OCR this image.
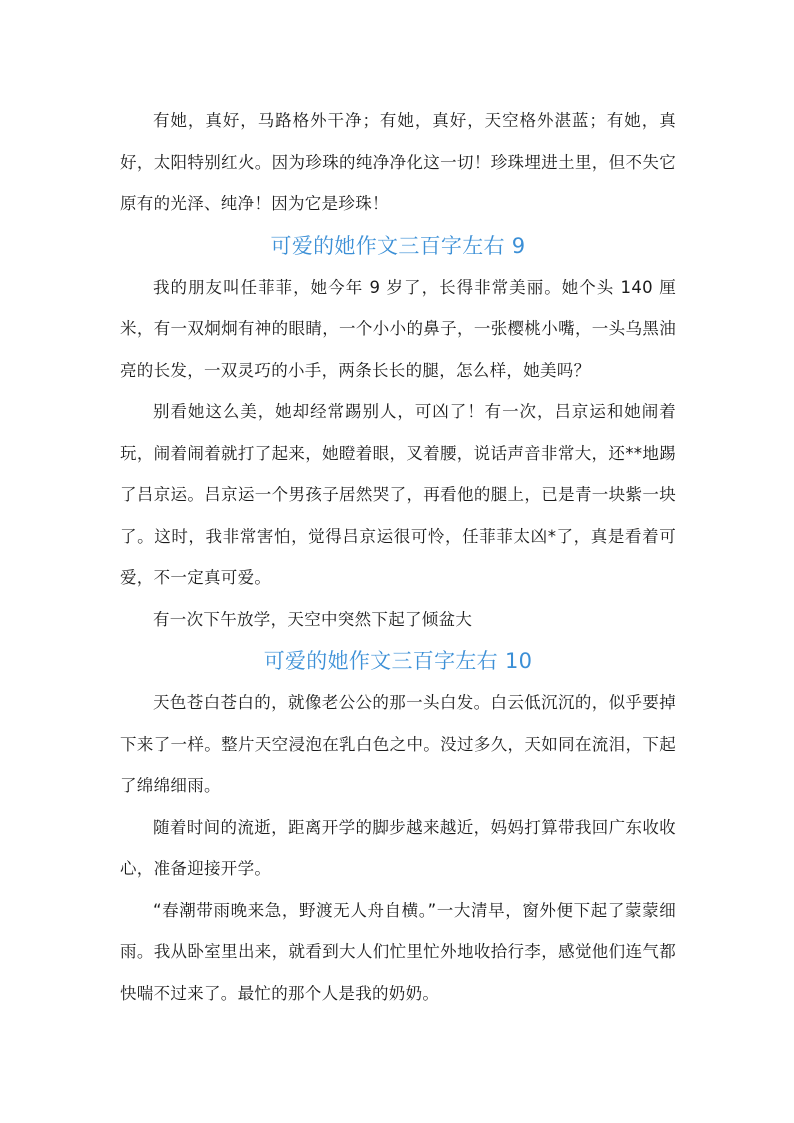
有她，真好，马路格外干净；有她，真好，天空格外湛蓝；有她，真好，太阳特别红火。因为珍珠的纯净净化这一切！珍珠埋进土里，但不失它原有的光泽、纯净！因为它是珍珠！

可爱的她作文三百字左右 9

我的朋友叫任菲菲，她今年 9 岁了，长得非常美丽。她个头 140 厘米，有一双炯炯有神的眼睛，一个小小的鼻子，一张樱桃小嘴，一头乌黑油亮的长发，一双灵巧的小手，两条长长的腿，怎么样，她美吗？

别看她这么美，她却经常踢别人，可凶了！有一次，吕京运和她闹着玩，闹着闹着就打了起来，她瞪着眼，叉着腰，说话声音非常大，还**地踢了吕京运。吕京运一个男孩子居然哭了，再看他的腿上，已是青一块紫一块了。这时，我非常害怕，觉得吕京运很可怜，任菲菲太凶*了，真是看着可爱，不一定真可爱。

有一次下午放学，天空中突然下起了倾盆大

可爱的她作文三百字左右 10

天色苍白苍白的，就像老公公的那一头白发。白云低沉沉的，似乎要掉下来了一样。整片天空浸泡在乳白色之中。没过多久，天如同在流泪，下起了绵绵细雨。

随着时间的流逝，距离开学的脚步越来越近，妈妈打算带我回广东收收心，准备迎接开学。

“春潮带雨晚来急，野渡无人舟自横。”一大清早，窗外便下起了蒙蒙细雨。我从卧室里出来，就看到大人们忙里忙外地收拾行李，感觉他们连气都快喘不过来了。最忙的那个人是我的奶奶。
